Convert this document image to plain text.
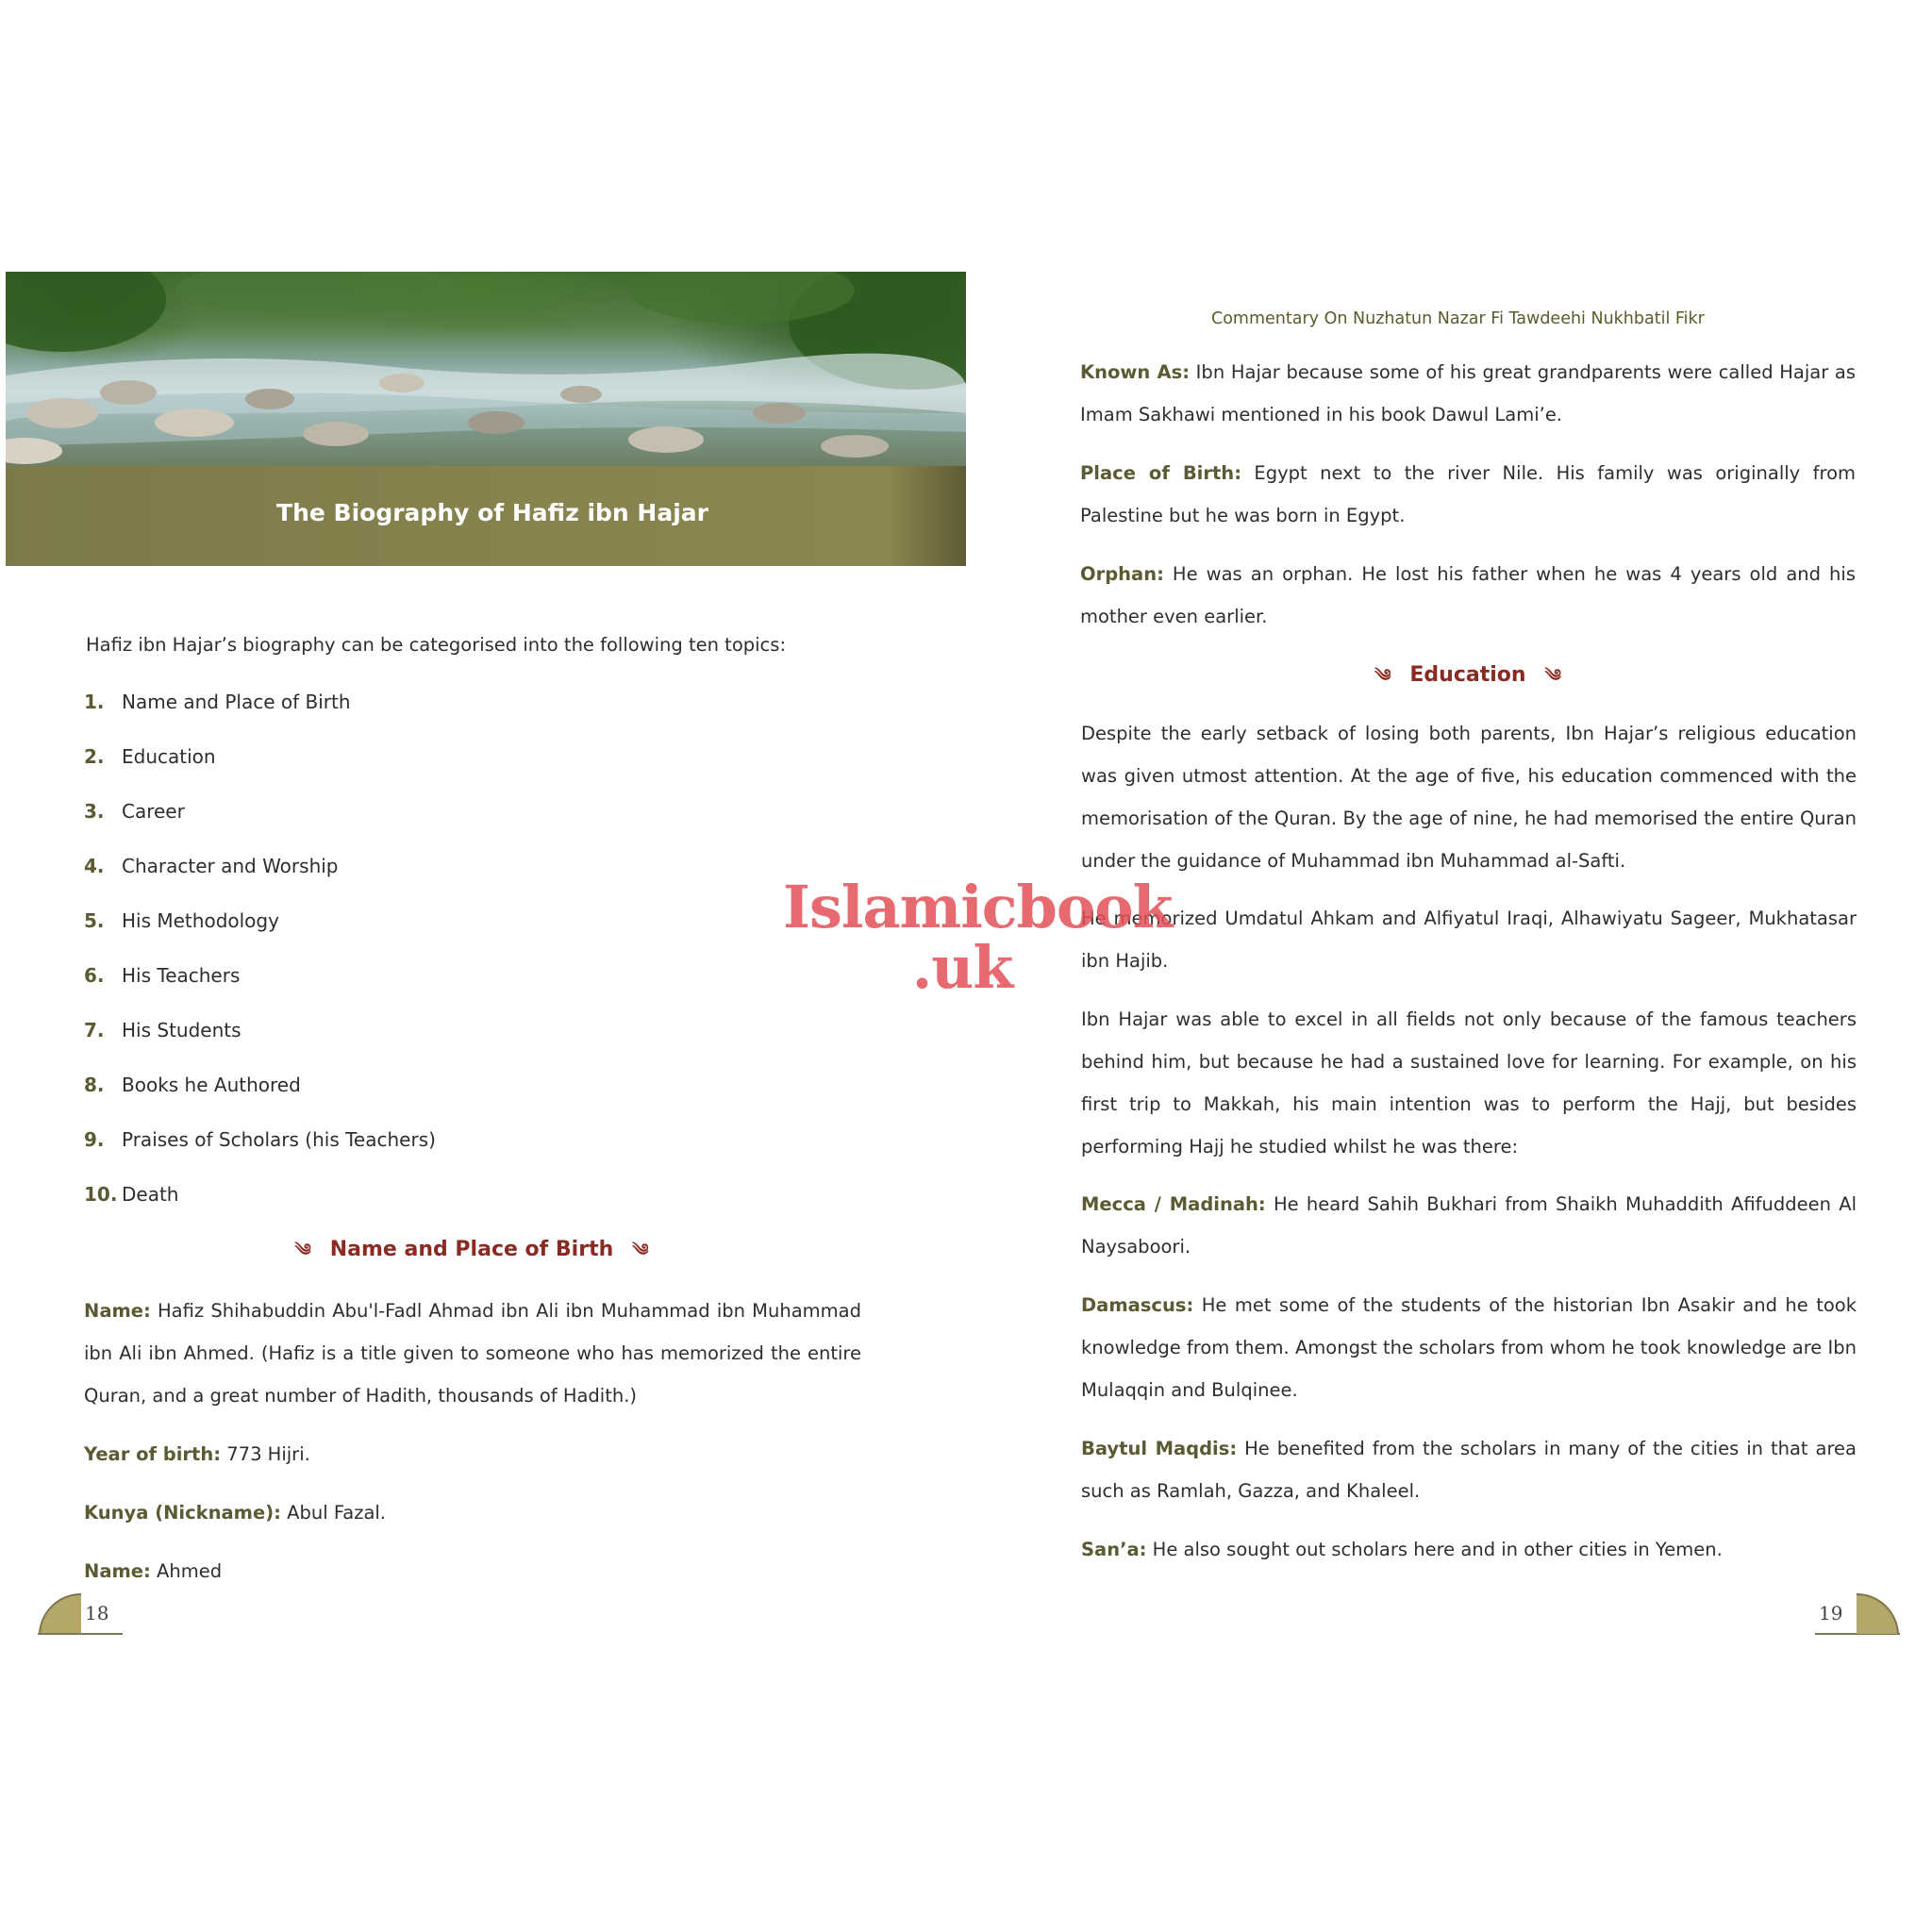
The Biography of Hafiz ibn Hajar
Hafiz ibn Hajar’s biography can be categorised into the following ten topics:
1. Name and Place of Birth
2. Education
3. Career
4. Character and Worship
5. His Methodology
6. His Teachers
7. His Students
8. Books he Authored
9. Praises of Scholars (his Teachers)
10. Death
༄ Name and Place of Birth ༄
Name: Hafiz Shihabuddin Abu'l-Fadl Ahmad ibn Ali ibn Muhammad ibn Muhammad ibn Ali ibn Ahmed. (Hafiz is a title given to someone who has memorized the entire Quran, and a great number of Hadith, thousands of Hadith.)
Year of birth: 773 Hijri.
Kunya (Nickname): Abul Fazal.
Name: Ahmed
18
Commentary On Nuzhatun Nazar Fi Tawdeehi Nukhbatil Fikr
Known As: Ibn Hajar because some of his great grandparents were called Hajar as Imam Sakhawi mentioned in his book Dawul Lami’e.
Place of Birth: Egypt next to the river Nile. His family was originally from Palestine but he was born in Egypt.
Orphan: He was an orphan. He lost his father when he was 4 years old and his mother even earlier.
༄ Education ༄
Despite the early setback of losing both parents, Ibn Hajar’s religious education was given utmost attention. At the age of five, his education commenced with the memorisation of the Quran. By the age of nine, he had memorised the entire Quran under the guidance of Muhammad ibn Muhammad al-Safti.
He memorized Umdatul Ahkam and Alfiyatul Iraqi, Alhawiyatu Sageer, Mukhatasar ibn Hajib.
Ibn Hajar was able to excel in all fields not only because of the famous teachers behind him, but because he had a sustained love for learning. For example, on his first trip to Makkah, his main intention was to perform the Hajj, but besides performing Hajj he studied whilst he was there:
Mecca / Madinah: He heard Sahih Bukhari from Shaikh Muhaddith Afifuddeen Al Naysaboori.
Damascus: He met some of the students of the historian Ibn Asakir and he took knowledge from them. Amongst the scholars from whom he took knowledge are Ibn Mulaqqin and Bulqinee.
Baytul Maqdis: He benefited from the scholars in many of the cities in that area such as Ramlah, Gazza, and Khaleel.
San’a: He also sought out scholars here and in other cities in Yemen.
19
Islamicbook
.uk
